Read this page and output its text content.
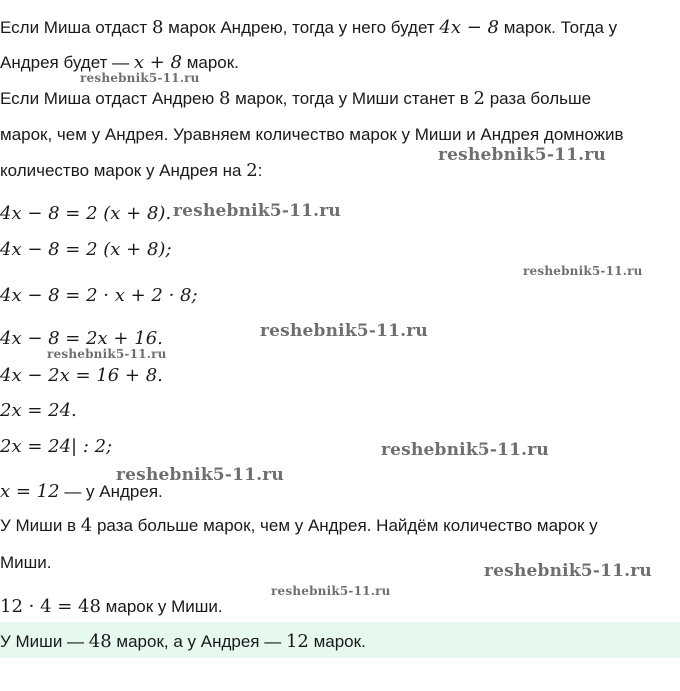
Если Миша отдаст 8 марок Андрею, тогда у него будет 4x − 8 марок. Тогда у
Андрея будет — x + 8 марок.
Если Миша отдаст Андрею 8 марок, тогда у Миши станет в 2 раза больше
марок, чем у Андрея. Уравняем количество марок у Миши и Андрея домножив
количество марок у Андрея на 2:
4x − 8 = 2 (x + 8).
4x − 8 = 2 (x + 8);
4x − 8 = 2 · x + 2 · 8;
4x − 8 = 2x + 16.
4x − 2x = 16 + 8.
2x = 24.
2x = 24| : 2;
x = 12 — у Андрея.
У Миши в 4 раза больше марок, чем у Андрея. Найдём количество марок у
Миши.
12 · 4 = 48 марок у Миши.
У Миши — 48 марок, а у Андрея — 12 марок.
reshebnik5-11.ru
reshebnik5-11.ru
reshebnik5-11.ru
reshebnik5-11.ru
reshebnik5-11.ru
reshebnik5-11.ru
reshebnik5-11.ru
reshebnik5-11.ru
reshebnik5-11.ru
reshebnik5-11.ru
